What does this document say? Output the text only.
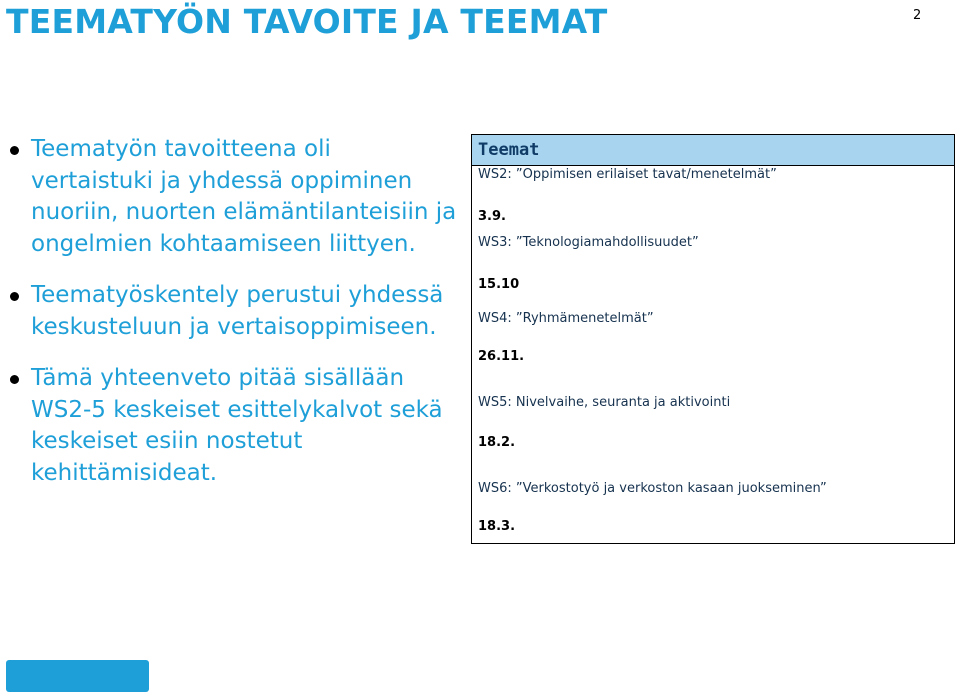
TEEMATYÖN TAVOITE JA TEEMAT	2
Teematyön tavoitteena oli vertaistuki ja yhdessä oppiminen nuoriin, nuorten elämäntilanteisiin ja ongelmien kohtaamiseen liittyen.
Teematyöskentely perustui yhdessä keskusteluun ja vertaisoppimiseen.
Tämä yhteenveto pitää sisällään WS2-5 keskeiset esittelykalvot sekä keskeiset esiin nostetut kehittämisideat.
Teemat
WS2: ”Oppimisen erilaiset tavat/menetelmät”
3.9.
WS3: ”Teknologiamahdollisuudet”
15.10
WS4: ”Ryhmämenetelmät”
26.11.
WS5: Nivelvaihe, seuranta ja aktivointi
18.2.
WS6: ”Verkostotyö ja verkoston kasaan juokseminen”
18.3.
